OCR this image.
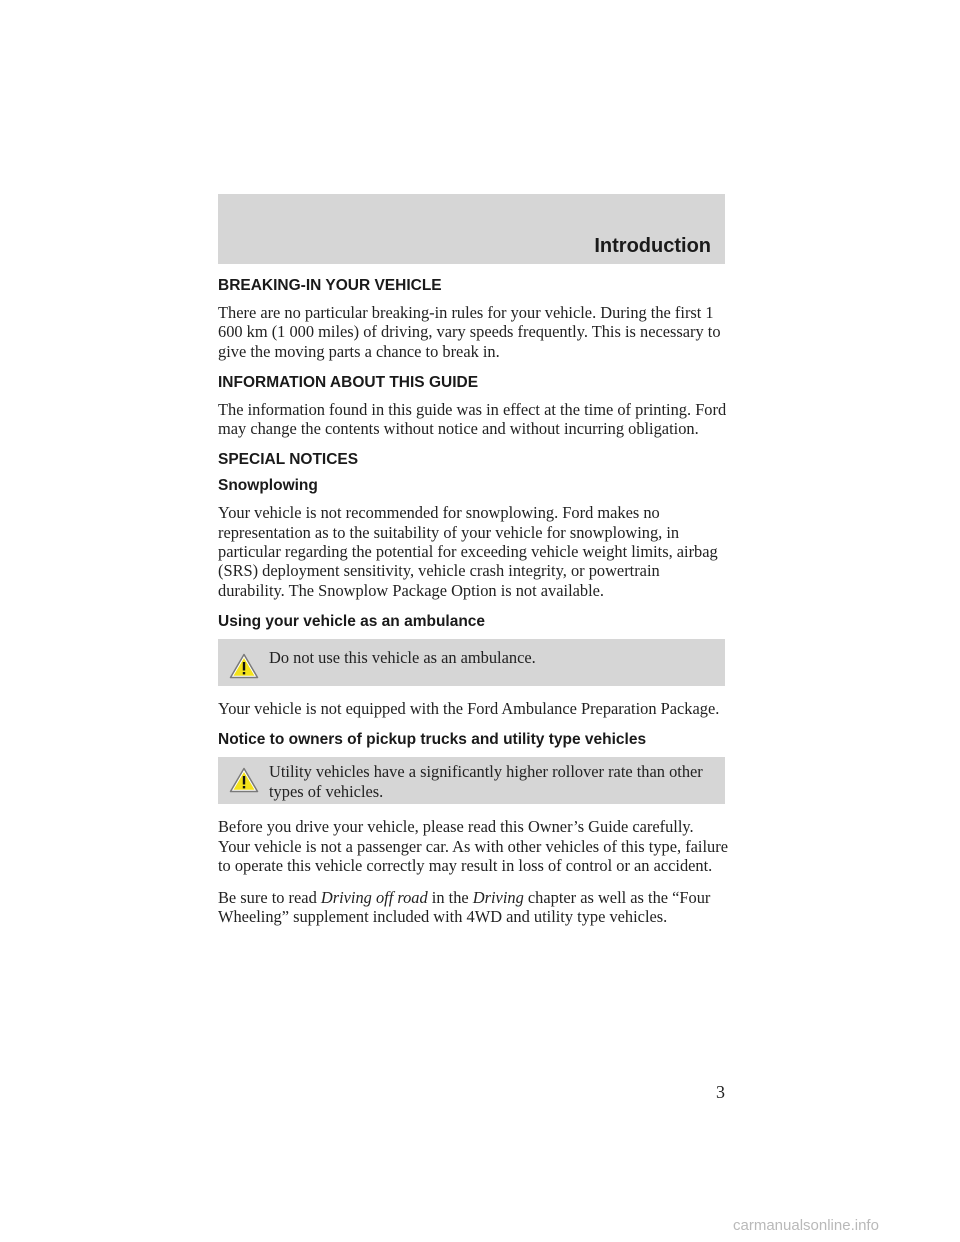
Introduction
BREAKING-IN YOUR VEHICLE

There are no particular breaking-in rules for your vehicle. During the first 1 600 km (1 000 miles) of driving, vary speeds frequently. This is necessary to give the moving parts a chance to break in.

INFORMATION ABOUT THIS GUIDE

The information found in this guide was in effect at the time of printing. Ford may change the contents without notice and without incurring obligation.

SPECIAL NOTICES
Snowplowing

Your vehicle is not recommended for snowplowing. Ford makes no representation as to the suitability of your vehicle for snowplowing, in particular regarding the potential for exceeding vehicle weight limits, airbag (SRS) deployment sensitivity, vehicle crash integrity, or powertrain durability. The Snowplow Package Option is not available.

Using your vehicle as an ambulance

Do not use this vehicle as an ambulance.

Your vehicle is not equipped with the Ford Ambulance Preparation Package.

Notice to owners of pickup trucks and utility type vehicles

Utility vehicles have a significantly higher rollover rate than other types of vehicles.

Before you drive your vehicle, please read this Owner’s Guide carefully. Your vehicle is not a passenger car. As with other vehicles of this type, failure to operate this vehicle correctly may result in loss of control or an accident.

Be sure to read Driving off road in the Driving chapter as well as the “Four Wheeling” supplement included with 4WD and utility type vehicles.

3
carmanualsonline.info
